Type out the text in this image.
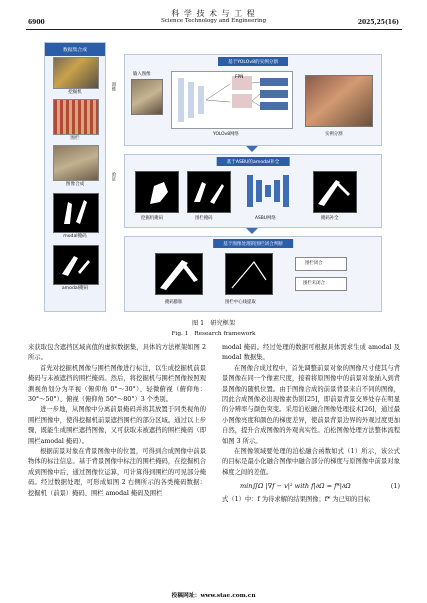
科 学 技 术 与 工 程
Science Technology and Engineering
6900	2025,25(16)
数据集合成
挖掘机
围栏
图像合成
modal掩码
amodal掩码
训练
验证
基于YOLOv8的实例分割
输入图像
FPN
YOLOv8网络	实例分割
基于ASBU的amodal补全
挖掘机掩码	围栏掩码	ASBU网络	掩码补全
基于图像处理的围栏闭合判断
围栏闭合
围栏未闭合
掩码膨胀	围栏中心线提取
图 1　研究框架
Fig. 1　Research framework

来获取包含遮挡区域真值的虚拟数据集，具体的方法框架如图 2 所示。

首先对挖掘机图像与围栏图像进行标注，以生成挖掘机前景掩码与未被遮挡的围栏掩码。然后，将挖掘机与围栏图像按照观测视角划分为平视（俯仰角 0°～30°）、轻微俯视（俯仰角：30°～50°）、俯视（俯仰角 50°～80°）3 个类别。

进一步地，从图像中分离前景掩码并将其放置于同类视角的围栏图像中，使得挖掘机前景遮挡围栏的部分区域。通过以上步骤，既能生成围栏遮挡图像，又可获取未被遮挡的围栏掩码（即围栏amodal 掩码）。

根据前景对象在背景图像中的位置，可得到合成图像中前景物体的标注信息。基于背景图像中标注的围栏掩码，在挖掘机合成到图像中后，通过图像位运算，可计算得到围栏的可见部分掩码。经过数据处理，可形成如图 2 右侧所示的各类掩码数据：挖掘机（前景）掩码、围栏 amodal 掩码及围栏

modal 掩码。经过处理的数据可根据具体需求生成 amodal 及 modal 数据集。

在图像合成过程中，首先调整前景对象的图像尺寸使其与背景图像在同一个像素尺度，接着将原图像中的前景对象插入到背景图像的随机位置。由于图像合成的前景背景来自不同的图像，因此合成图像必出现像素伪影[25]，即前景背景交界处存在明显的分辨率与颜色突变。采用泊松融合图像处理技术[26]，通过最小图像亮度和颜色的梯度差异，使前景背景边界的外观过度更加自然，提升合成图像的外观真实性。泊松图像处理方法整体流程如图 3 所示。

在图像领域要处理的泊松融合函数如式（1）所示，该公式的目标是最小化融合图像中融合部分的梯度与原图像中前景对象梯度之间的差值。

min∬Ω |∇f − v|² with f|∂Ω = f*|∂Ω	(1)

式（1）中：f 为待求解的结果图像；f* 为已知的目标

投稿网址：www.stae.com.cn
